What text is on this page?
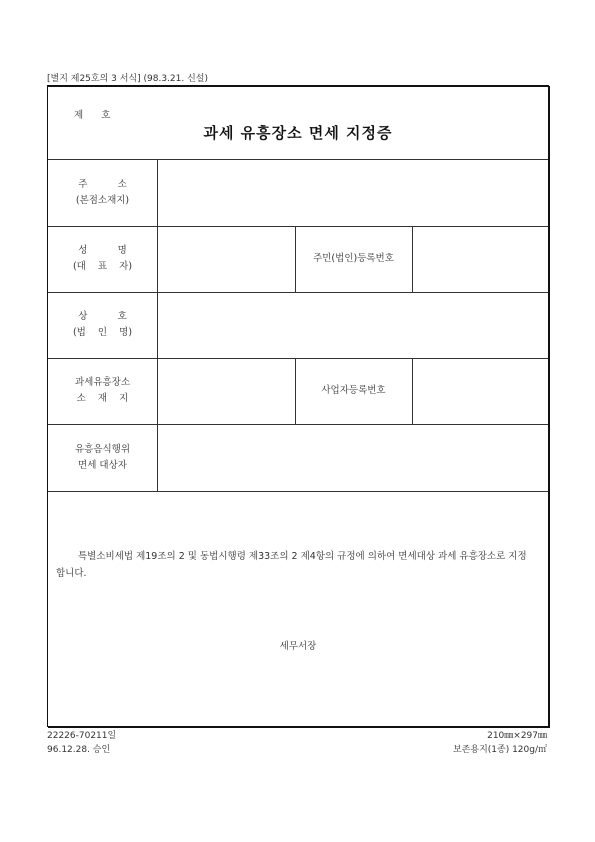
[별지 제25호의 3 서식] (98.3.21. 신설)
제      호
과세 유흥장소 면세 지정증
주          소
(본점소재지)
성          명
(대    표    자)
주민(법인)등록번호
상          호
(법    인    명)
과세유흥장소
소    재    지
사업자등록번호
유흥음식행위
면세 대상자
특별소비세법 제19조의 2 및 동법시행령 제33조의 2 제4항의 규정에 의하여 면세대상 과세 유흥장소로 지정합니다.
세무서장
22226-70211일
96.12.28. 승인
210㎜×297㎜
보존용지(1종) 120g/㎡
